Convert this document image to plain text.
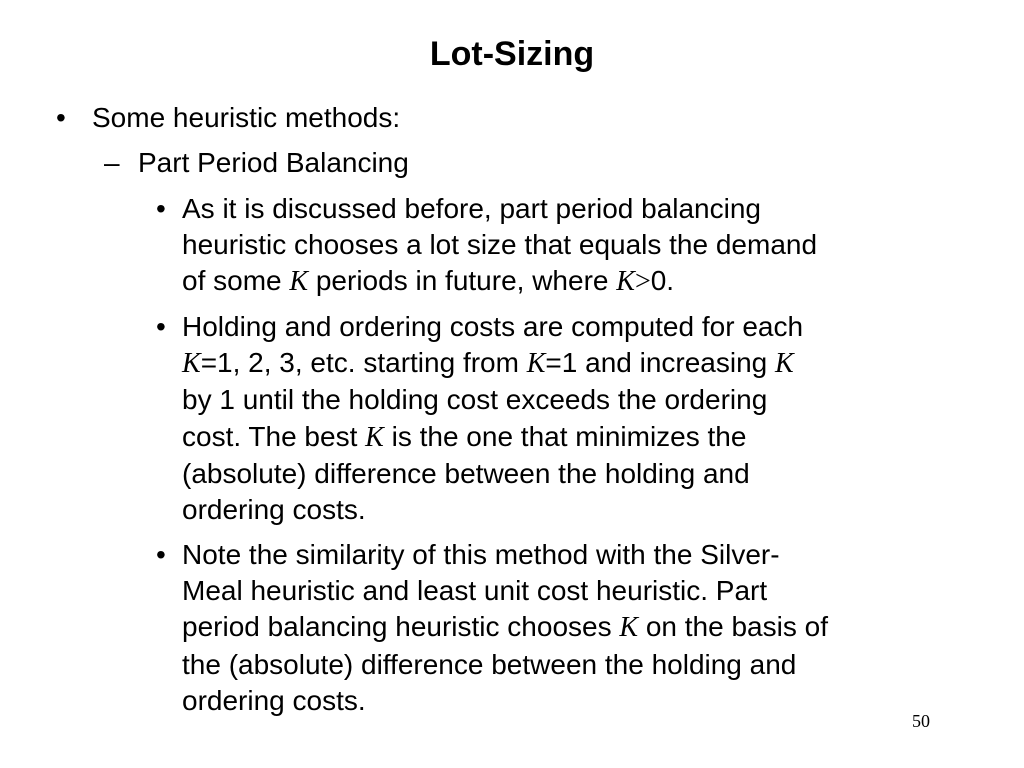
Lot-Sizing
• Some heuristic methods:
– Part Period Balancing
• As it is discussed before, part period balancing
heuristic chooses a lot size that equals the demand
of some K periods in future, where K>0.
• Holding and ordering costs are computed for each
K=1, 2, 3, etc. starting from K=1 and increasing K
by 1 until the holding cost exceeds the ordering
cost. The best K is the one that minimizes the
(absolute) difference between the holding and
ordering costs.
• Note the similarity of this method with the Silver-
Meal heuristic and least unit cost heuristic. Part
period balancing heuristic chooses K on the basis of
the (absolute) difference between the holding and
ordering costs.
50
